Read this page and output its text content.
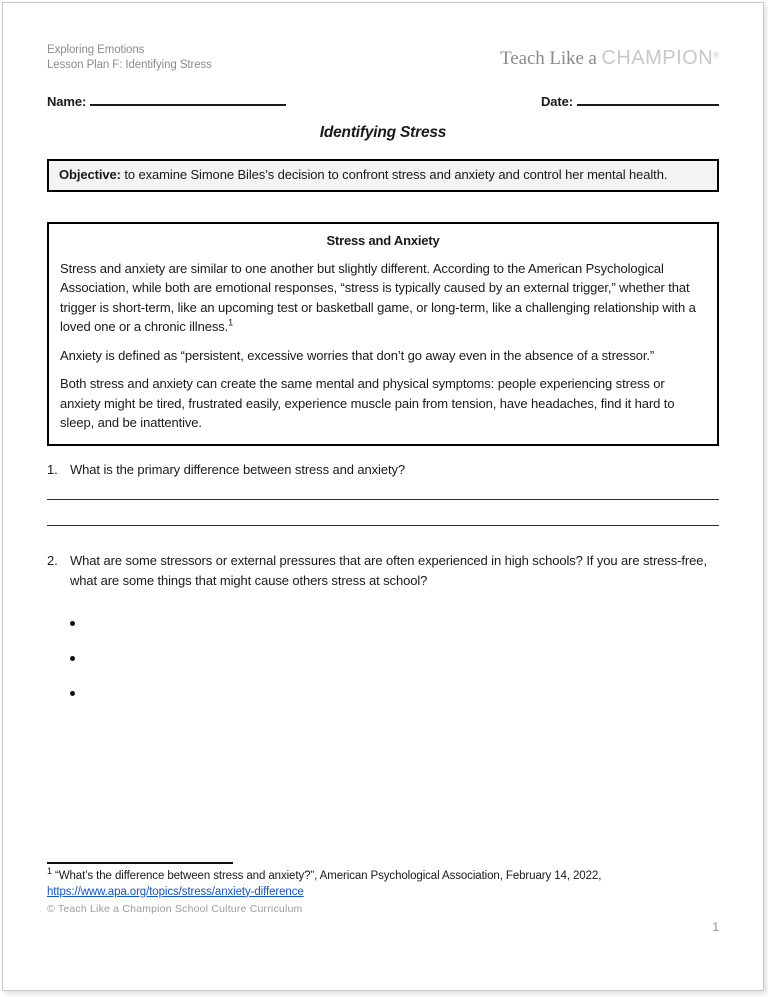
Exploring Emotions
Lesson Plan F: Identifying Stress	Teach Like a CHAMPION®
Name:	Date:
Identifying Stress

Objective: to examine Simone Biles’s decision to confront stress and anxiety and control her mental health.

Stress and Anxiety

Stress and anxiety are similar to one another but slightly different. According to the American Psychological Association, while both are emotional responses, “stress is typically caused by an external trigger,” whether that trigger is short-term, like an upcoming test or basketball game, or long-term, like a challenging relationship with a loved one or a chronic illness.$^1$

Anxiety is defined as “persistent, excessive worries that don’t go away even in the absence of a stressor.”

Both stress and anxiety can create the same mental and physical symptoms: people experiencing stress or anxiety might be tired, frustrated easily, experience muscle pain from tension, have headaches, find it hard to sleep, and be inattentive.

1. What is the primary difference between stress and anxiety?
2. What are some stressors or external pressures that are often experienced in high schools? If you are stress-free, what are some things that might cause others stress at school?

$^1$ “What’s the difference between stress and anxiety?”, American Psychological Association, February 14, 2022,
https://www.apa.org/topics/stress/anxiety-difference

© Teach Like a Champion School Culture Curriculum

1
